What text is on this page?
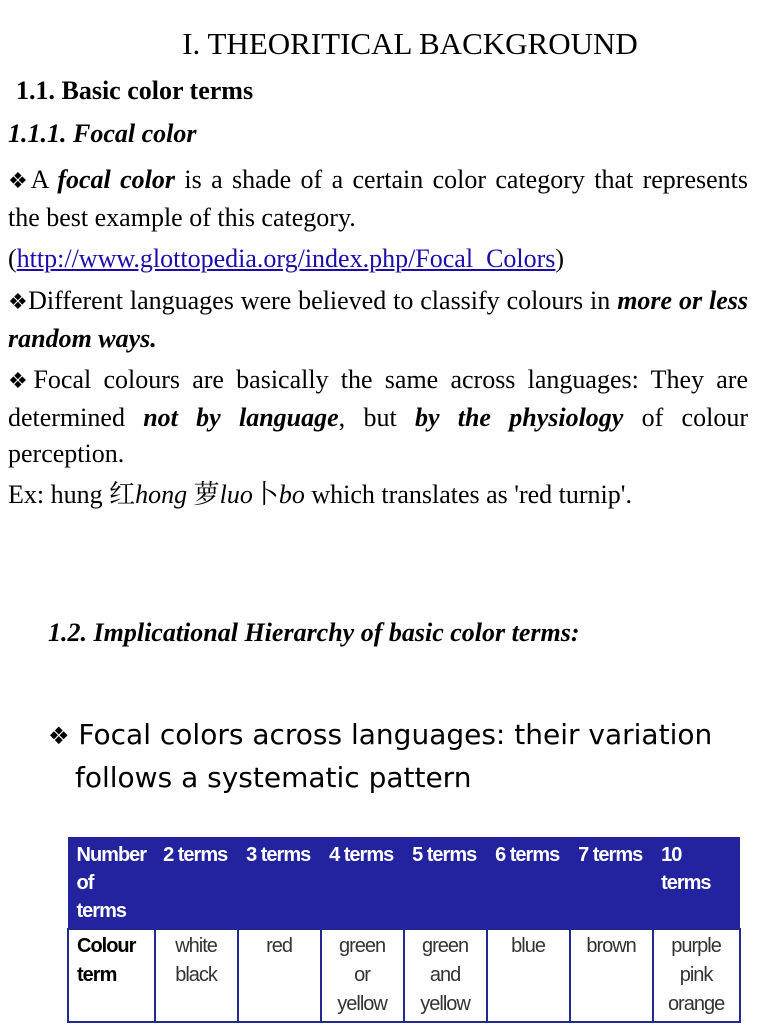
I. THEORITICAL BACKGROUND
1.1. Basic color terms
1.1.1. Focal color
❖A focal color is a shade of a certain color category that represents the best example of this category.
(http://www.glottopedia.org/index.php/Focal_Colors)
❖Different languages were believed to classify colours in more or less random ways.
❖Focal colours are basically the same across languages: They are determined not by language, but by the physiology of colour perception.
Ex: hung 红hong 萝luo卜bo which translates as 'red turnip'.
1.2. Implicational Hierarchy of basic color terms:
❖ Focal colors across languages: their variation
follows a systematic pattern
Number of terms	2 terms	3 terms	4 terms	5 terms	6 terms	7 terms	10 terms

Colour
term	white
black	red	green
or
yellow	green
and
yellow	blue	brown	purple
pink
orange
